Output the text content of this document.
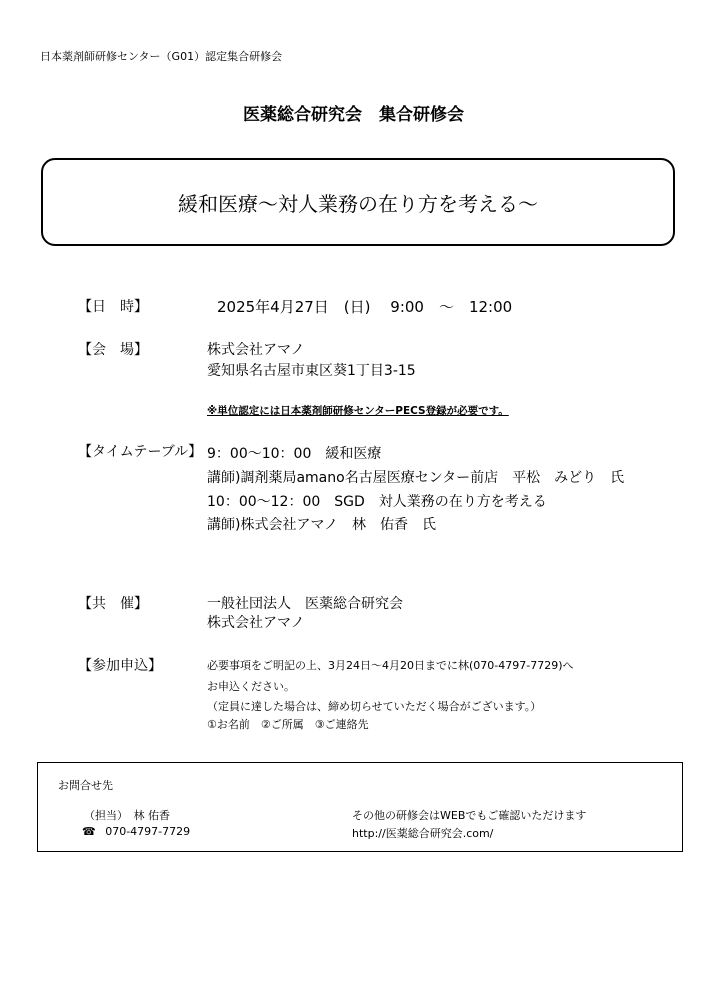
日本薬剤師研修センター（G01）認定集合研修会
医薬総合研究会　集合研修会
緩和医療～対人業務の在り方を考える～
【日　時】	2025年4月27日　(日)　 9:00　～　12:00
【会　場】	株式会社アマノ
愛知県名古屋市東区葵1丁目3-15
※単位認定には日本薬剤師研修センターPECS登録が必要です。
【タイムテーブル】 9：00～10：00　緩和医療
講師)調剤薬局amano名古屋医療センター前店　平松　みどり　氏
10：00～12：00　SGD　対人業務の在り方を考える
講師)株式会社アマノ　林　佑香　氏
【共　催】	一般社団法人　医薬総合研究会
株式会社アマノ
【参加申込】	必要事項をご明記の上、3月24日～4月20日までに林(070-4797-7729)へ
お申込ください。
（定員に達した場合は、締め切らせていただく場合がございます。）
①お名前　②ご所属　③ご連絡先
お問合せ先
（担当）　林 佑香
☎ 070-4797-7729
その他の研修会はWEBでもご確認いただけます
http://医薬総合研究会.com/
